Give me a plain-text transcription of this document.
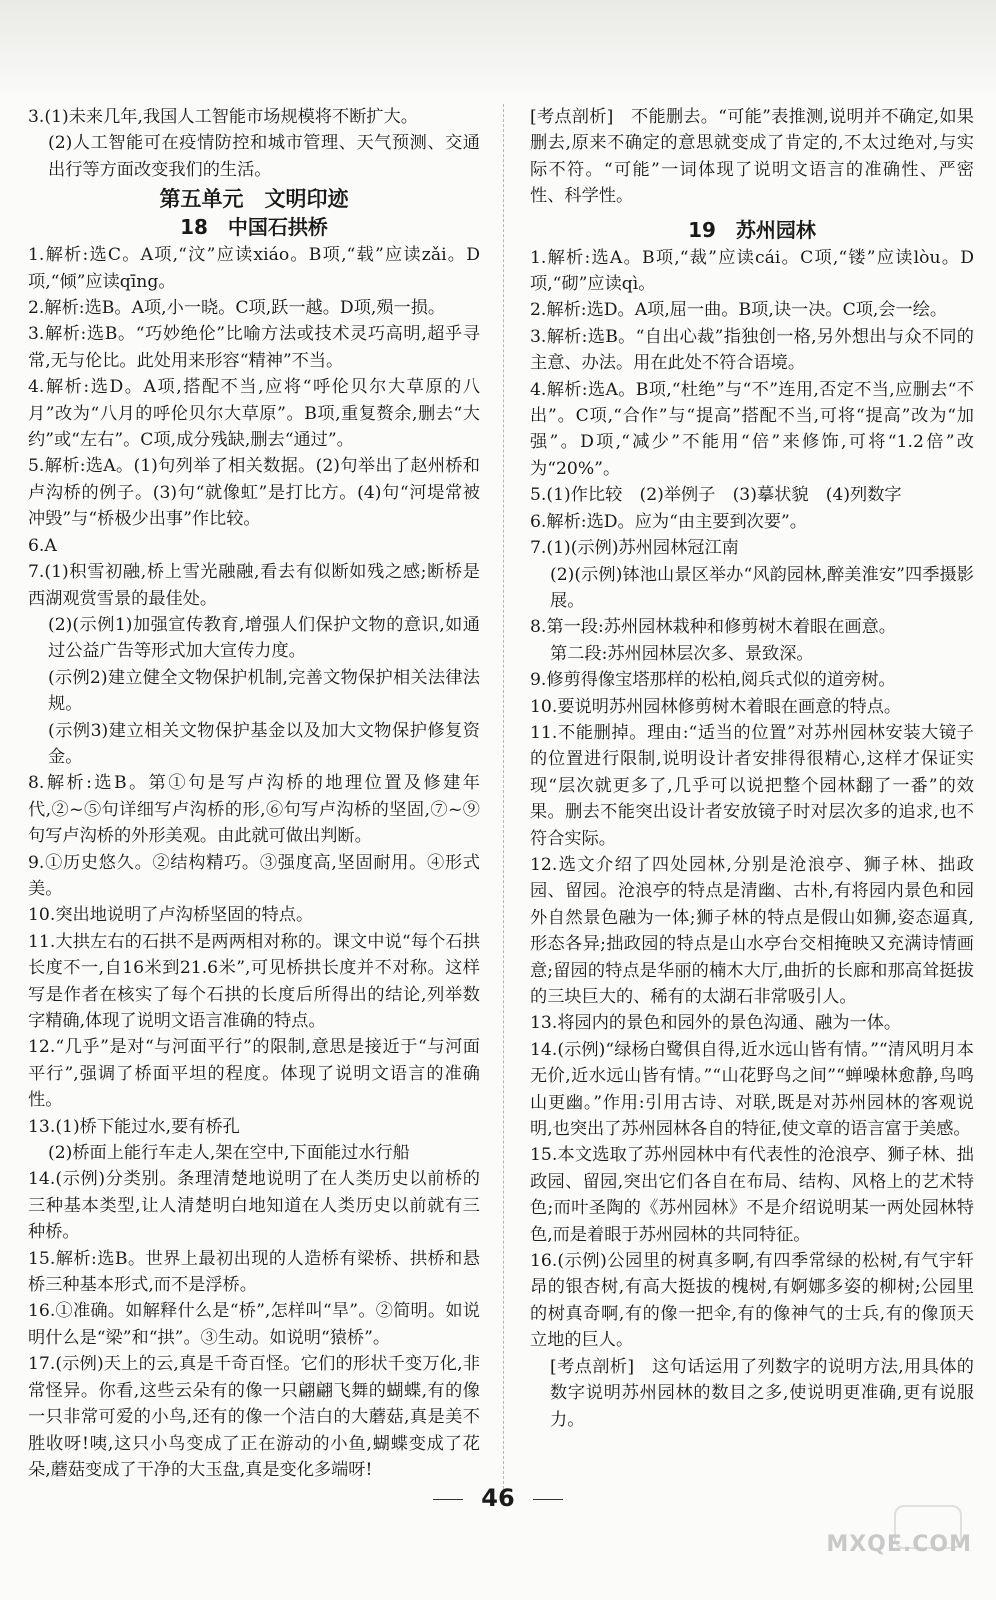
3.(1)未来几年,我国人工智能市场规模将不断扩大。

(2)人工智能可在疫情防控和城市管理、天气预测、交通出行等方面改变我们的生活。

第五单元　文明印迹
18　中国石拱桥

1.解析:选C。A项,“汶”应读xiáo。B项,“载”应读zǎi。D项,“倾”应读qīng。

2.解析:选B。A项,小一晓。C项,跃一越。D项,殒一损。

3.解析:选B。“巧妙绝伦”比喻方法或技术灵巧高明,超乎寻常,无与伦比。此处用来形容“精神”不当。

4.解析:选D。A项,搭配不当,应将“呼伦贝尔大草原的八月”改为“八月的呼伦贝尔大草原”。B项,重复赘余,删去“大约”或“左右”。C项,成分残缺,删去“通过”。

5.解析:选A。(1)句列举了相关数据。(2)句举出了赵州桥和卢沟桥的例子。(3)句“就像虹”是打比方。(4)句“河堤常被冲毁”与“桥极少出事”作比较。

6.A

7.(1)积雪初融,桥上雪光融融,看去有似断如残之感;断桥是西湖观赏雪景的最佳处。

(2)(示例1)加强宣传教育,增强人们保护文物的意识,如通过公益广告等形式加大宣传力度。

(示例2)建立健全文物保护机制,完善文物保护相关法律法规。

(示例3)建立相关文物保护基金以及加大文物保护修复资金。

8.解析:选B。第①句是写卢沟桥的地理位置及修建年代,②~⑤句详细写卢沟桥的形,⑥句写卢沟桥的坚固,⑦~⑨句写卢沟桥的外形美观。由此就可做出判断。

9.①历史悠久。②结构精巧。③强度高,坚固耐用。④形式美。

10.突出地说明了卢沟桥坚固的特点。

11.大拱左右的石拱不是两两相对称的。课文中说“每个石拱长度不一,自16米到21.6米”,可见桥拱长度并不对称。这样写是作者在核实了每个石拱的长度后所得出的结论,列举数字精确,体现了说明文语言准确的特点。

12.“几乎”是对“与河面平行”的限制,意思是接近于“与河面平行”,强调了桥面平坦的程度。体现了说明文语言的准确性。

13.(1)桥下能过水,要有桥孔

(2)桥面上能行车走人,架在空中,下面能过水行船

14.(示例)分类别。条理清楚地说明了在人类历史以前桥的三种基本类型,让人清楚明白地知道在人类历史以前就有三种桥。

15.解析:选B。世界上最初出现的人造桥有梁桥、拱桥和悬桥三种基本形式,而不是浮桥。

16.①准确。如解释什么是“桥”,怎样叫“旱”。②简明。如说明什么是“梁”和“拱”。③生动。如说明“猿桥”。

17.(示例)天上的云,真是千奇百怪。它们的形状千变万化,非常怪异。你看,这些云朵有的像一只翩翩飞舞的蝴蝶,有的像一只非常可爱的小鸟,还有的像一个洁白的大蘑菇,真是美不胜收呀!咦,这只小鸟变成了正在游动的小鱼,蝴蝶变成了花朵,蘑菇变成了干净的大玉盘,真是变化多端呀!

[考点剖析]　不能删去。“可能”表推测,说明并不确定,如果删去,原来不确定的意思就变成了肯定的,不太过绝对,与实际不符。“可能”一词体现了说明文语言的准确性、严密性、科学性。

19　苏州园林

1.解析:选A。B项,“裁”应读cái。C项,“镂”应读lòu。D项,“砌”应读qì。

2.解析:选D。A项,屈一曲。B项,诀一决。C项,会一绘。

3.解析:选B。“自出心裁”指独创一格,另外想出与众不同的主意、办法。用在此处不符合语境。

4.解析:选A。B项,“杜绝”与“不”连用,否定不当,应删去“不出”。C项,“合作”与“提高”搭配不当,可将“提高”改为“加强”。D项,“减少”不能用“倍”来修饰,可将“1.2倍”改为“20%”。

5.(1)作比较　(2)举例子　(3)摹状貌　(4)列数字

6.解析:选D。应为“由主要到次要”。

7.(1)(示例)苏州园林冠江南

(2)(示例)钵池山景区举办“风韵园林,醉美淮安”四季摄影展。

8.第一段:苏州园林栽种和修剪树木着眼在画意。

第二段:苏州园林层次多、景致深。

9.修剪得像宝塔那样的松柏,阅兵式似的道旁树。

10.要说明苏州园林修剪树木着眼在画意的特点。

11.不能删掉。理由:“适当的位置”对苏州园林安装大镜子的位置进行限制,说明设计者安排得很精心,这样才保证实现“层次就更多了,几乎可以说把整个园林翻了一番”的效果。删去不能突出设计者安放镜子时对层次多的追求,也不符合实际。

12.选文介绍了四处园林,分别是沧浪亭、狮子林、拙政园、留园。沧浪亭的特点是清幽、古朴,有将园内景色和园外自然景色融为一体;狮子林的特点是假山如狮,姿态逼真,形态各异;拙政园的特点是山水亭台交相掩映又充满诗情画意;留园的特点是华丽的楠木大厅,曲折的长廊和那高耸挺拔的三块巨大的、稀有的太湖石非常吸引人。

13.将园内的景色和园外的景色沟通、融为一体。

14.(示例)“绿杨白鹭俱自得,近水远山皆有情。”“清风明月本无价,近水远山皆有情。”“山花野鸟之间”“蝉噪林愈静,鸟鸣山更幽。”作用:引用古诗、对联,既是对苏州园林的客观说明,也突出了苏州园林各自的特征,使文章的语言富于美感。

15.本文选取了苏州园林中有代表性的沧浪亭、狮子林、拙政园、留园,突出它们各自在布局、结构、风格上的艺术特色;而叶圣陶的《苏州园林》不是介绍说明某一两处园林特色,而是着眼于苏州园林的共同特征。

16.(示例)公园里的树真多啊,有四季常绿的松树,有气宇轩昂的银杏树,有高大挺拔的槐树,有婀娜多姿的柳树;公园里的树真奇啊,有的像一把伞,有的像神气的士兵,有的像顶天立地的巨人。

[考点剖析]　这句话运用了列数字的说明方法,用具体的数字说明苏州园林的数目之多,使说明更准确,更有说服力。

46
MXQE.COM
